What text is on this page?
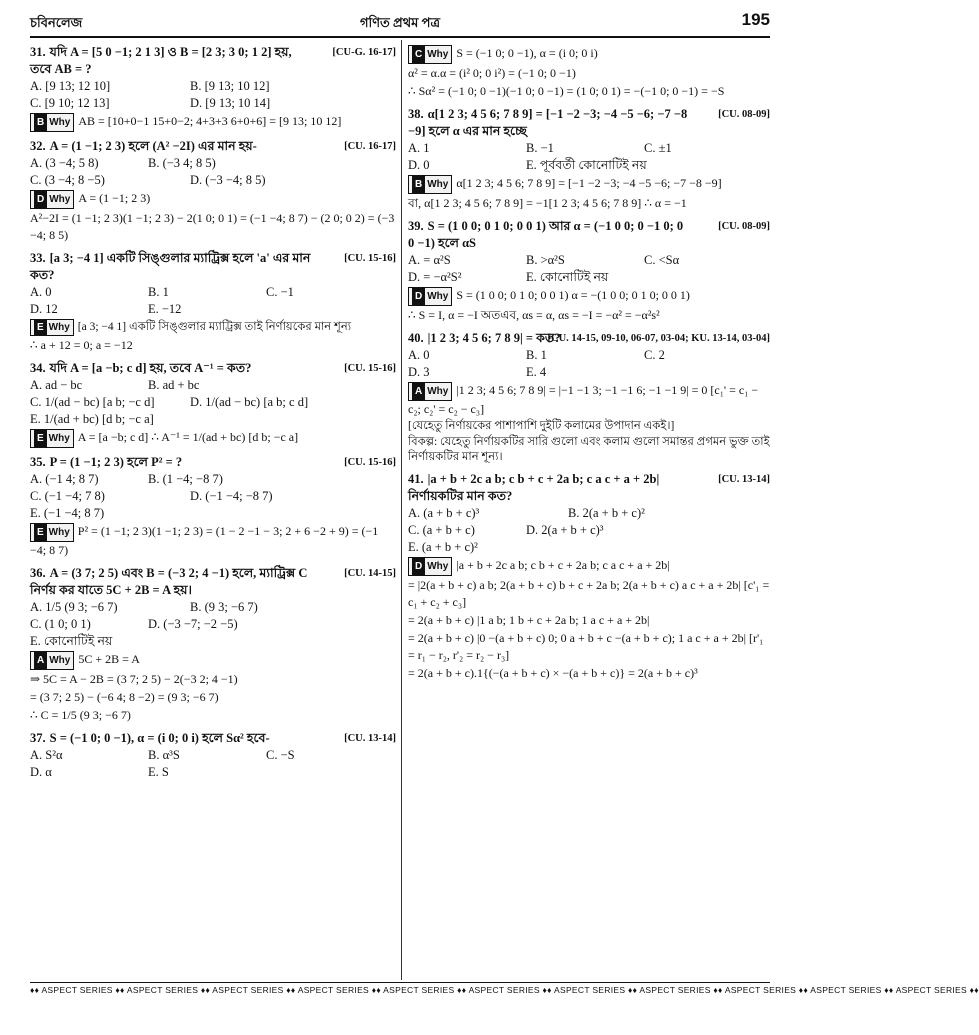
চবিনলেজ	গণিত প্রথম পত্র	195
31. যদি A = [5 0 −1; 2 1 3] ও B = [2 3; 3 0; 1 2] হয়, তবে AB = ?
[CU-G. 16-17]
A. [9 13; 12 10]	B. [9 13; 10 12]C. [9 10; 12 13]	D. [9 13; 10 14]
B Why AB = [10+0−1 15+0−2; 4+3+3 6+0+6] = [9 13; 10 12]
32. A = (1 −1; 2 3) হলে (A² −2I) এর মান হয়-	[CU. 16-17]
A. (3 −4; 5 8)	B. (−3 4; 8 5)C. (3 −4; 8 −5)	D. (−3 −4; 8 5)
D Why A = (1 −1; 2 3)
A²−2I = (1 −1; 2 3)(1 −1; 2 3) − 2(1 0; 0 1) = (−1 −4; 8 7) − (2 0; 0 2) = (−3 −4; 8 5)
33. [a 3; −4 1] একটি সিঙ্গুলার ম্যাট্রিক্স হলে 'a' এর মান কত?
[CU. 15-16]
A. 0	B. 1	C. −1D. 12	E. −12
E Why [a 3; −4 1] একটি সিঙ্গুলার ম্যাট্রিক্স তাই নির্ণায়কের মান শূন্য
∴ a + 12 = 0; a = −12
34. যদি A = [a −b; c d] হয়, তবে A⁻¹ = কত?	[CU. 15-16]
A. ad − bc	B. ad + bcC. 1/(ad − bc) [a b; −c d]	D. 1/(ad − bc) [a b; c d]E. 1/(ad + bc) [d b; −c a]
E Why A = [a −b; c d] ∴ A⁻¹ = 1/(ad + bc) [d b; −c a]
35. P = (1 −1; 2 3) হলে P² = ?	[CU. 15-16]
A. (−1 4; 8 7)	B. (1 −4; −8 7)C. (−1 −4; 7 8)	D. (−1 −4; −8 7)E. (−1 −4; 8 7)
E Why P² = (1 −1; 2 3)(1 −1; 2 3) = (1 − 2 −1 − 3; 2 + 6 −2 + 9) = (−1 −4; 8 7)
36. A = (3 7; 2 5) এবং B = (−3 2; 4 −1) হলে, ম্যাট্রিক্স C নির্ণয় কর যাতে 5C + 2B = A হয়।
[CU. 14-15]
A. 1/5 (9 3; −6 7)	B. (9 3; −6 7)C. (1 0; 0 1)	D. (−3 −7; −2 −5)E. কোনোটিই নয়
A Why 5C + 2B = A
⇒ 5C = A − 2B = (3 7; 2 5) − 2(−3 2; 4 −1)
= (3 7; 2 5) − (−6 4; 8 −2) = (9 3; −6 7)
∴ C = 1/5 (9 3; −6 7)
37. S = (−1 0; 0 −1), α = (i 0; 0 i) হলে Sα² হবে-	[CU. 13-14]
A. S²α	B. α³S	C. −SD. α	E. S
C Why S = (−1 0; 0 −1), α = (i 0; 0 i)
α² = α.α = (i² 0; 0 i²) = (−1 0; 0 −1)
∴ Sα² = (−1 0; 0 −1)(−1 0; 0 −1) = (1 0; 0 1) = −(−1 0; 0 −1) = −S
38. α[1 2 3; 4 5 6; 7 8 9] = [−1 −2 −3; −4 −5 −6; −7 −8 −9] হলে α এর মান হচ্ছে
[CU. 08-09]
A. 1	B. −1	C. ±1D. 0	E. পূর্ববর্তী কোনোটিই নয়
B Why α[1 2 3; 4 5 6; 7 8 9] = [−1 −2 −3; −4 −5 −6; −7 −8 −9]
বা, α[1 2 3; 4 5 6; 7 8 9] = −1[1 2 3; 4 5 6; 7 8 9] ∴ α = −1
39. S = (1 0 0; 0 1 0; 0 0 1) আর α = (−1 0 0; 0 −1 0; 0 0 −1) হলে αS
[CU. 08-09]
A. = α²S	B. >α²S	C. <SαD. = −α²S²	E. কোনোটিই নয়
D Why S = (1 0 0; 0 1 0; 0 0 1) α = −(1 0 0; 0 1 0; 0 0 1)
∴ S = I, α = −I অতএব, αs = α, αs = −I = −α² = −α²s²
40. |1 2 3; 4 5 6; 7 8 9| = কত?
[CU. 14-15, 09-10, 06-07, 03-04; KU. 13-14, 03-04]
A. 0	B. 1	C. 2D. 3	E. 4
A Why |1 2 3; 4 5 6; 7 8 9| = |−1 −1 3; −1 −1 6; −1 −1 9| = 0 [c₁' = c₁ − c₂; c₂' = c₂ − c₃]
[যেহেতু নির্ণায়কের পাশাপাশি দুইটি কলামের উপাদান একই।]
বিকল্প: যেহেতু নির্ণায়কটির সারি গুলো এবং কলাম গুলো সমান্তর প্রগমন ভুক্ত তাই নির্ণায়কটির মান শূন্য।
41. |a + b + 2c a b; c b + c + 2a b; c a c + a + 2b| নির্ণায়কটির মান কত?
[CU. 13-14]
A. (a + b + c)³	B. 2(a + b + c)²C. (a + b + c)	D. 2(a + b + c)³E. (a + b + c)²
D Why |a + b + 2c a b; c b + c + 2a b; c a c + a + 2b|
= |2(a + b + c) a b; 2(a + b + c) b + c + 2a b; 2(a + b + c) a c + a + 2b| [c'₁ = c₁ + c₂ + c₃]
= 2(a + b + c) |1 a b; 1 b + c + 2a b; 1 a c + a + 2b|
= 2(a + b + c) |0 −(a + b + c) 0; 0 a + b + c −(a + b + c); 1 a c + a + 2b| [r'₁ = r₁ − r₂, r'₂ = r₂ − r₃]
= 2(a + b + c).1{(−(a + b + c) × −(a + b + c)} = 2(a + b + c)³
♦♦ ASPECT SERIES ♦♦ ASPECT SERIES ♦♦ ASPECT SERIES ♦♦ ASPECT SERIES ♦♦ ASPECT SERIES ♦♦ ASPECT SERIES ♦♦ ASPECT SERIES ♦♦ ASPECT SERIES ♦♦ ASPECT SERIES ♦♦ ASPECT SERIES ♦♦ ASPECT SERIES ♦♦
